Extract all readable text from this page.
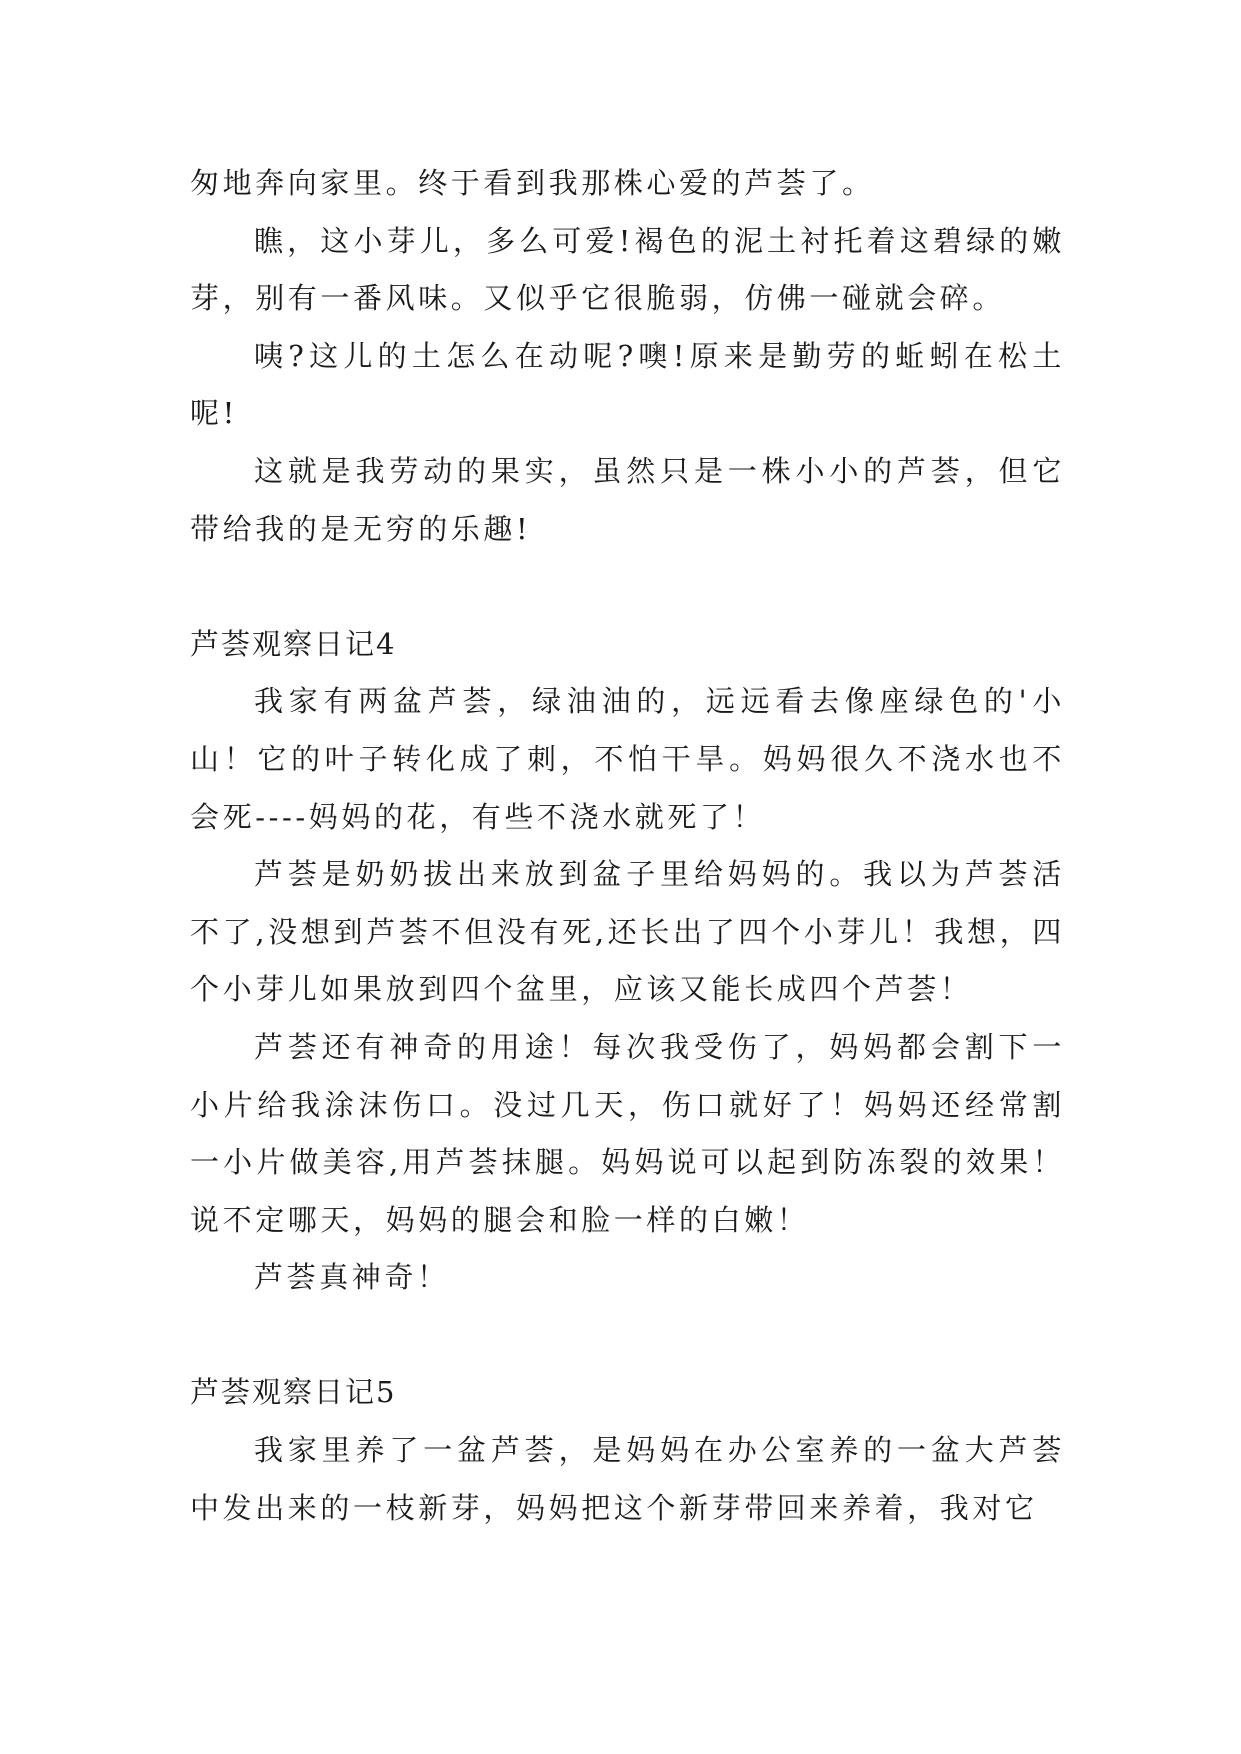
匆地奔向家里。终于看到我那株心爱的芦荟了。

瞧，这小芽儿，多么可爱!褐色的泥土衬托着这碧绿的嫩芽，别有一番风味。又似乎它很脆弱，仿佛一碰就会碎。

咦?这儿的土怎么在动呢?噢!原来是勤劳的蚯蚓在松土呢!

这就是我劳动的果实，虽然只是一株小小的芦荟，但它带给我的是无穷的乐趣!

芦荟观察日记4

我家有两盆芦荟，绿油油的，远远看去像座绿色的'小山！它的叶子转化成了刺，不怕干旱。妈妈很久不浇水也不会死----妈妈的花，有些不浇水就死了！

芦荟是奶奶拔出来放到盆子里给妈妈的。我以为芦荟活不了,没想到芦荟不但没有死,还长出了四个小芽儿！我想，四个小芽儿如果放到四个盆里，应该又能长成四个芦荟！

芦荟还有神奇的用途！每次我受伤了，妈妈都会割下一小片给我涂沫伤口。没过几天，伤口就好了！妈妈还经常割一小片做美容,用芦荟抹腿。妈妈说可以起到防冻裂的效果！说不定哪天，妈妈的腿会和脸一样的白嫩！

芦荟真神奇！

芦荟观察日记5

我家里养了一盆芦荟，是妈妈在办公室养的一盆大芦荟中发出来的一枝新芽，妈妈把这个新芽带回来养着，我对它
